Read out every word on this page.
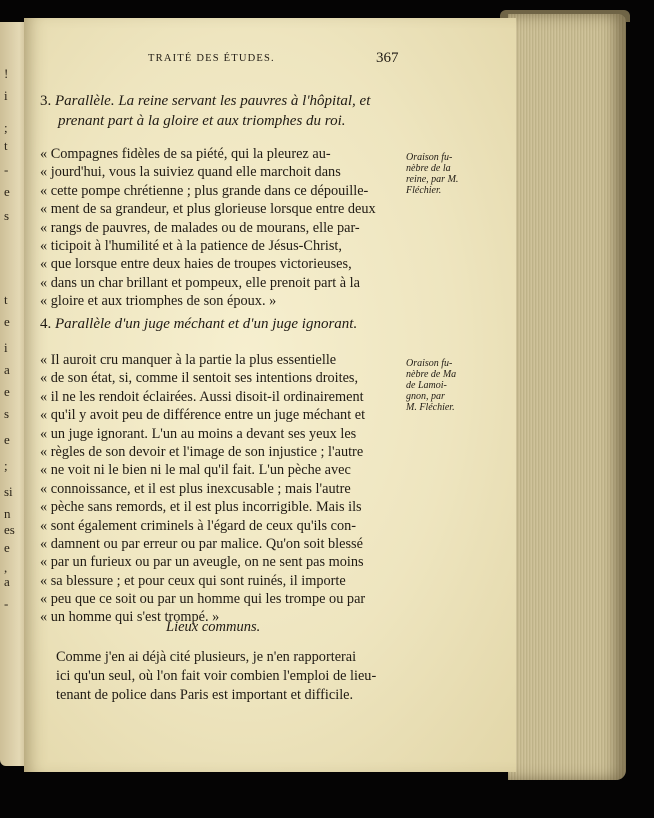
!
i
;
t
-
e
s
t
e
i
a
e
s
e
;
si
n
es
e
,
a
-
TRAITÉ DES ÉTUDES.	367

3. Parallèle. La reine servant les pauvres à l'hôpital, et

prenant part à la gloire et aux triomphes du roi.

« Compagnes fidèles de sa piété, qui la pleurez au-
« jourd'hui, vous la suiviez quand elle marchoit dans
« cette pompe chrétienne ; plus grande dans ce dépouille-
« ment de sa grandeur, et plus glorieuse lorsque entre deux
« rangs de pauvres, de malades ou de mourans, elle par-
« ticipoit à l'humilité et à la patience de Jésus-Christ,
« que lorsque entre deux haies de troupes victorieuses,
« dans un char brillant et pompeux, elle prenoit part à la
« gloire et aux triomphes de son époux. »
Oraison fu-
nèbre de la
reine, par M.
Fléchier.

4. Parallèle d'un juge méchant et d'un juge ignorant.

« Il auroit cru manquer à la partie la plus essentielle
« de son état, si, comme il sentoit ses intentions droites,
« il ne les rendoit éclairées. Aussi disoit-il ordinairement
« qu'il y avoit peu de différence entre un juge méchant et
« un juge ignorant. L'un au moins a devant ses yeux les
« règles de son devoir et l'image de son injustice ; l'autre
« ne voit ni le bien ni le mal qu'il fait. L'un pèche avec
« connoissance, et il est plus inexcusable ; mais l'autre
« pèche sans remords, et il est plus incorrigible. Mais ils
« sont également criminels à l'égard de ceux qu'ils con-
« damnent ou par erreur ou par malice. Qu'on soit blessé
« par un furieux ou par un aveugle, on ne sent pas moins
« sa blessure ; et pour ceux qui sont ruinés, il importe
« peu que ce soit ou par un homme qui les trompe ou par
« un homme qui s'est trompé. »
Oraison fu-
nèbre de Ma
de Lamoi-
gnon, par
M. Fléchier.
Lieux communs.
Comme j'en ai déjà cité plusieurs, je n'en rapporterai
ici qu'un seul, où l'on fait voir combien l'emploi de lieu-
tenant de police dans Paris est important et difficile.
